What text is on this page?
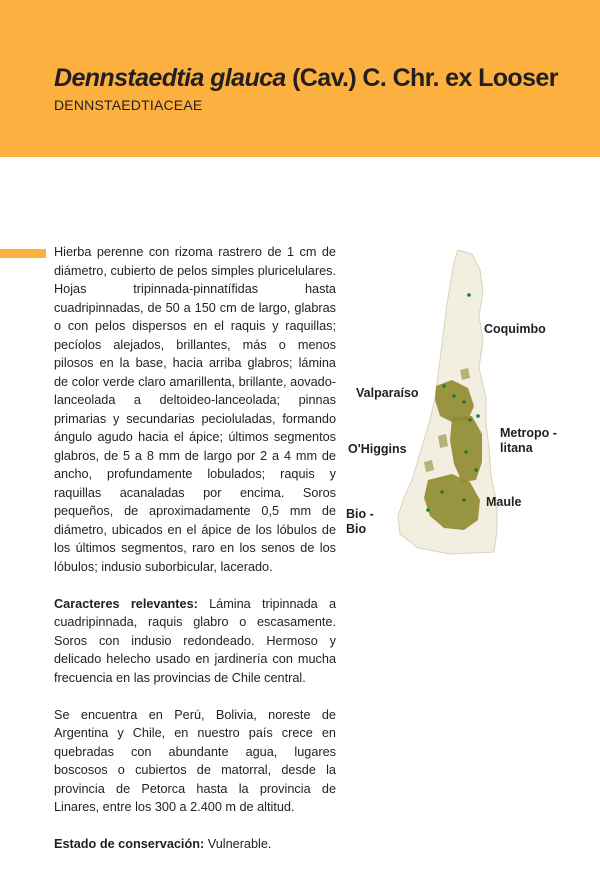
Dennstaedtia glauca (Cav.) C. Chr. ex Looser
DENNSTAEDTIACEAE

Hierba perenne con rizoma rastrero de 1 cm de diámetro, cubierto de pelos simples pluricelulares. Hojas tripinnada-pinnatífidas hasta cuadripinnadas, de 50 a 150 cm de largo, glabras o con pelos dispersos en el raquis y raquillas; pecíolos alejados, brillantes, más o menos pilosos en la base, hacia arriba glabros; lámina de color verde claro amarillenta, brillante, aovado-lanceolada a deltoideo-lanceolada; pinnas primarias y secundarias pecioluladas, formando ángulo agudo hacia el ápice; últimos segmentos glabros, de 5 a 8 mm de largo por 2 a 4 mm de ancho, profundamente lobulados; raquis y raquillas acanaladas por encima. Soros pequeños, de aproximadamente 0,5 mm de diámetro, ubicados en el ápice de los lóbulos de los últimos segmentos, raro en los senos de los lóbulos; indusio suborbicular, lacerado.

Caracteres relevantes: Lámina tripinnada a cuadripinnada, raquis glabro o escasamente. Soros con indusio redondeado. Hermoso y delicado helecho usado en jardinería con mucha frecuencia en las provincias de Chile central.

Se encuentra en Perú, Bolivia, noreste de Argentina y Chile, en nuestro país crece en quebradas con abundante agua, lugares boscosos o cubiertos de matorral, desde la provincia de Petorca hasta la provincia de Linares, entre los 300 a 2.400 m de altitud.

Estado de conservación: Vulnerable.

Coquimbo
Valparaíso
Metropo -
litana
O'Higgins
Maule
Bio -
Bio
